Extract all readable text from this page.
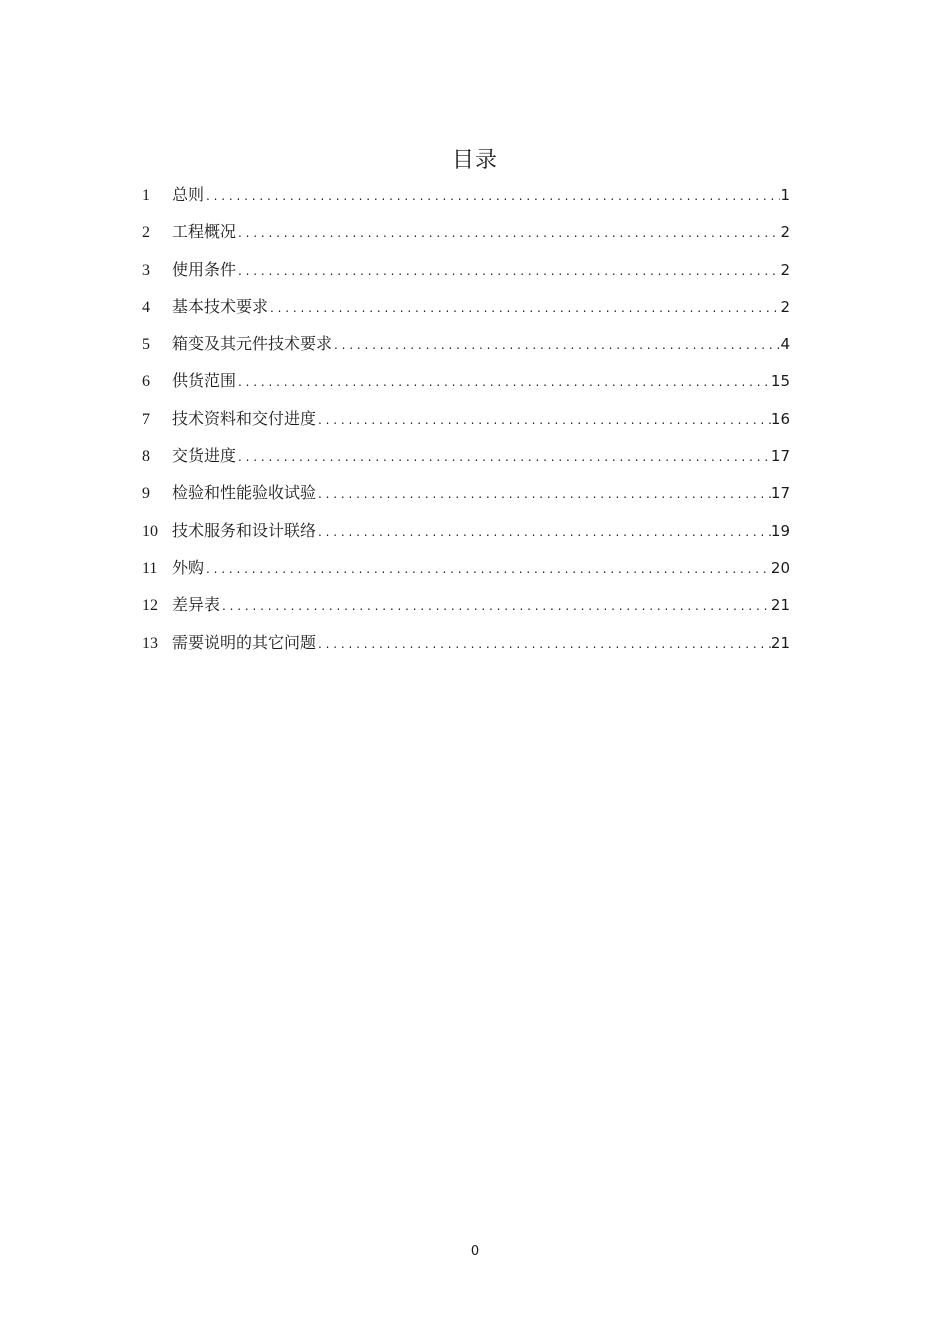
目录
1	总则 . . .	1
2	工程概况 . . .	2
3	使用条件 . . .	2
4	基本技术要求 . . .	2
5	箱变及其元件技术要求 . . .	4
6	供货范围 . . .	15
7	技术资料和交付进度 . . .	16
8	交货进度 . . .	17
9	检验和性能验收试验 . . .	17
10 技术服务和设计联络 . . .	19
11 外购 . . .	20
12 差异表 . . .	21
13 需要说明的其它问题 . . .	21
0
